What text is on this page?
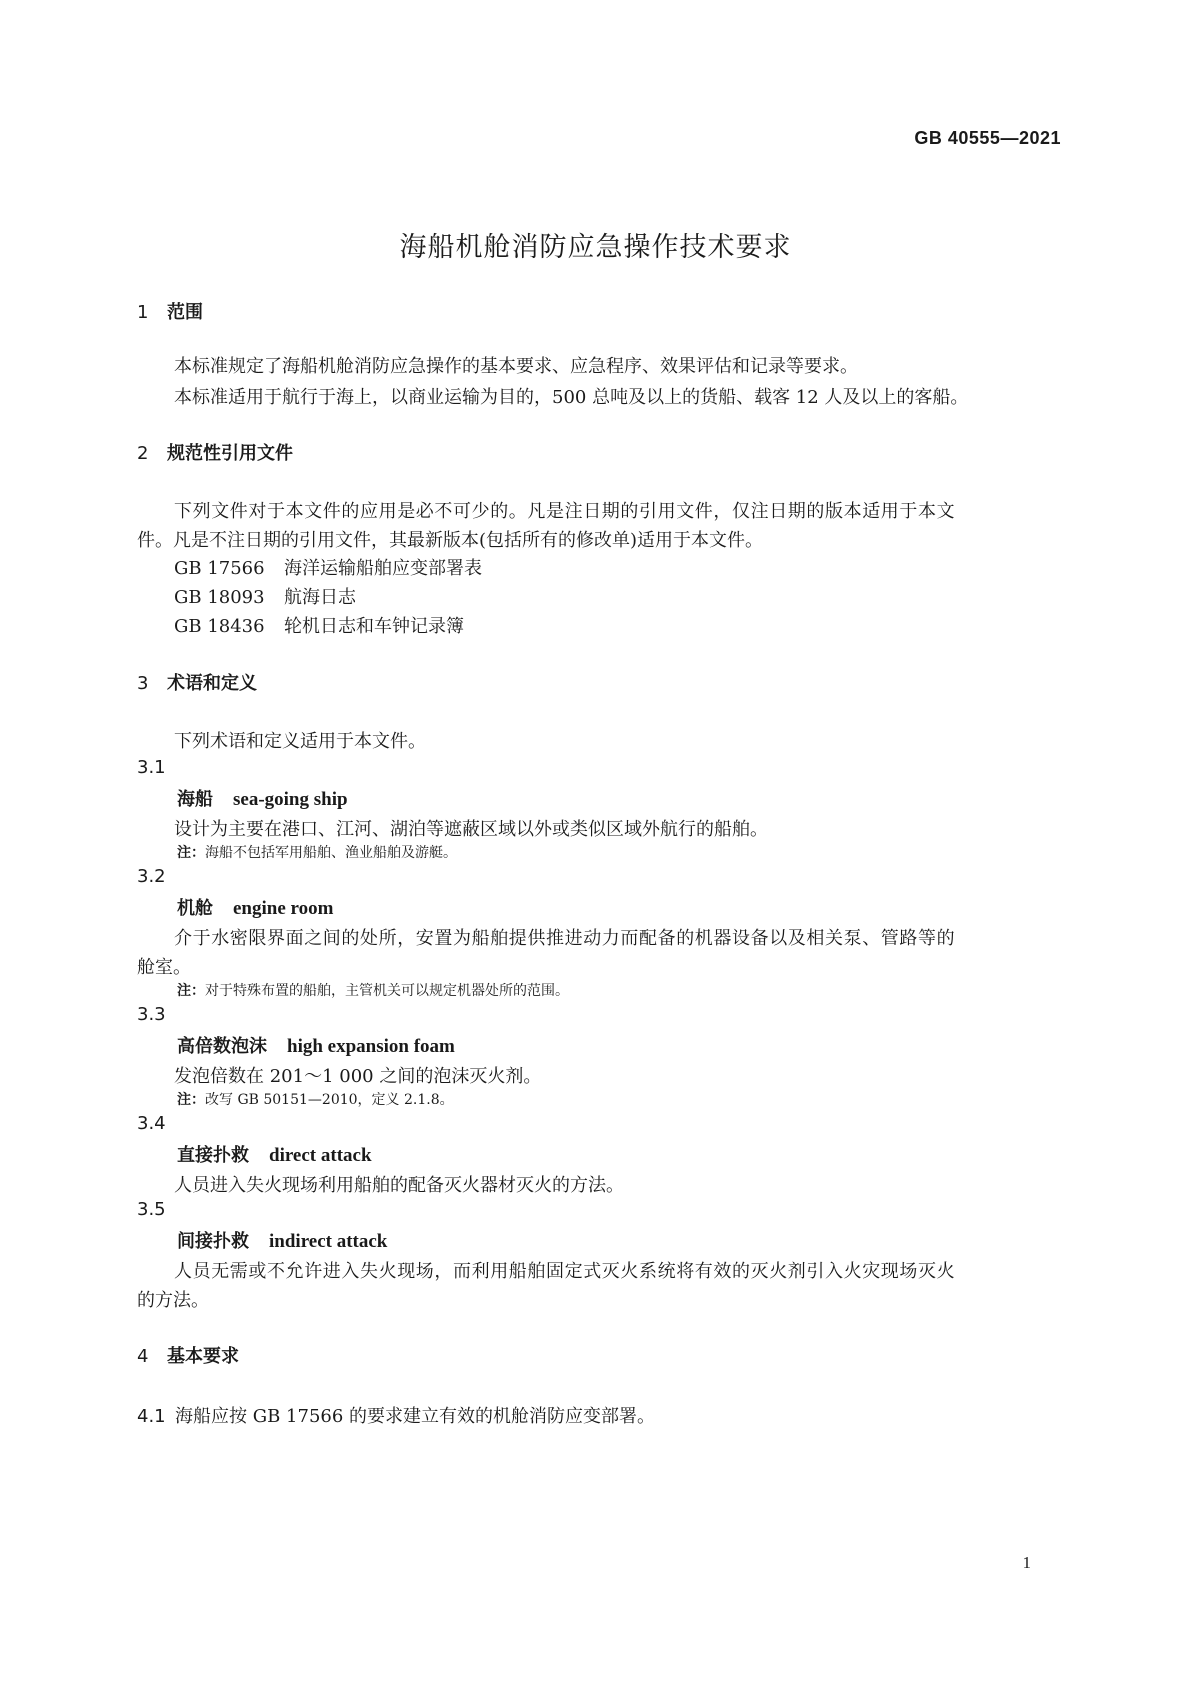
GB 40555—2021
海船机舱消防应急操作技术要求
1 范围
本标准规定了海船机舱消防应急操作的基本要求、应急程序、效果评估和记录等要求。
本标准适用于航行于海上，以商业运输为目的，500 总吨及以上的货船、载客 12 人及以上的客船。
2 规范性引用文件
下列文件对于本文件的应用是必不可少的。凡是注日期的引用文件，仅注日期的版本适用于本文
件。凡是不注日期的引用文件，其最新版本(包括所有的修改单)适用于本文件。
GB 17566 海洋运输船舶应变部署表
GB 18093 航海日志
GB 18436 轮机日志和车钟记录簿
3 术语和定义
下列术语和定义适用于本文件。
3.1
海船 sea-going ship
设计为主要在港口、江河、湖泊等遮蔽区域以外或类似区域外航行的船舶。
注：海船不包括军用船舶、渔业船舶及游艇。
3.2
机舱 engine room
介于水密限界面之间的处所，安置为船舶提供推进动力而配备的机器设备以及相关泵、管路等的
舱室。
注：对于特殊布置的船舶，主管机关可以规定机器处所的范围。
3.3
高倍数泡沫 high expansion foam
发泡倍数在 201～1 000 之间的泡沫灭火剂。
注：改写 GB 50151—2010，定义 2.1.8。
3.4
直接扑救 direct attack
人员进入失火现场利用船舶的配备灭火器材灭火的方法。
3.5
间接扑救 indirect attack
人员无需或不允许进入失火现场，而利用船舶固定式灭火系统将有效的灭火剂引入火灾现场灭火
的方法。
4 基本要求
4.1 海船应按 GB 17566 的要求建立有效的机舱消防应变部署。
1
